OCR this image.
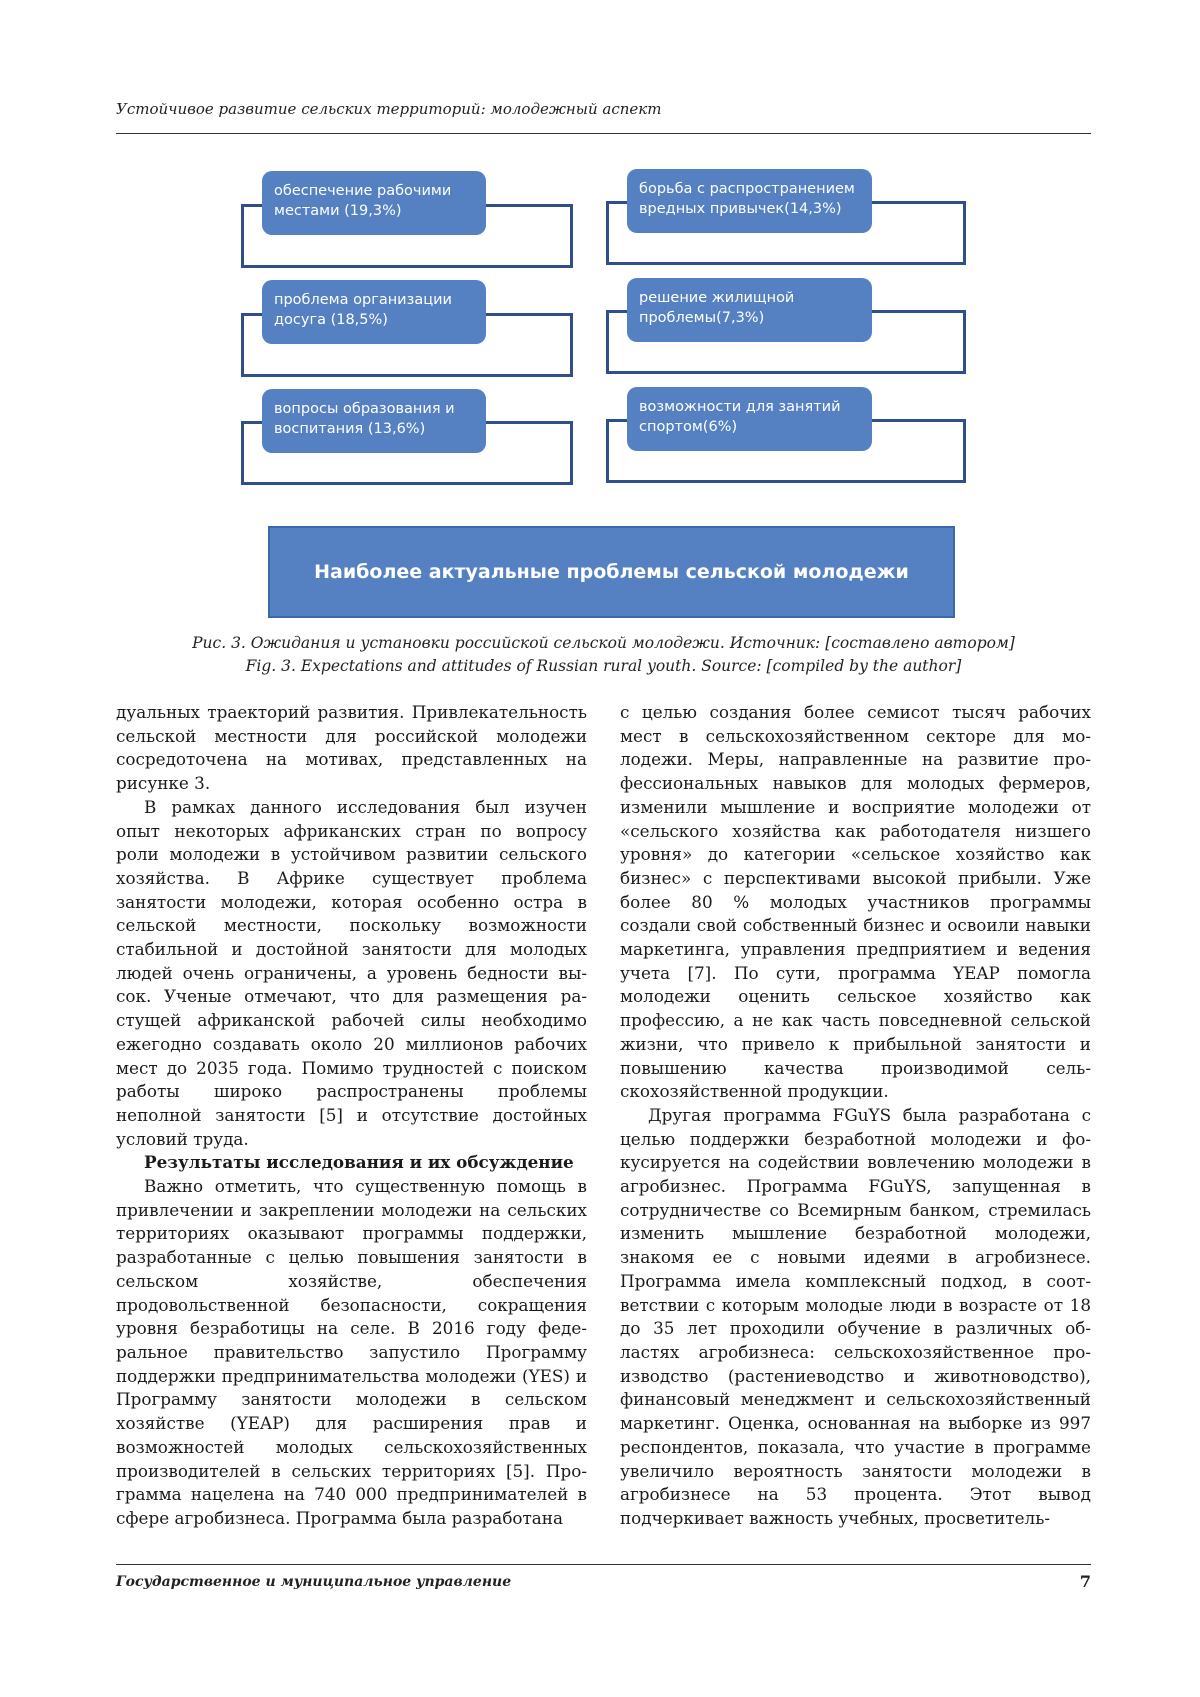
Устойчивое развитие сельских территорий: молодежный аспект
обеспечение рабочими
местами (19,3%)
проблема организации
досуга (18,5%)
вопросы образования и
воспитания (13,6%)
борьба с распространением
вредных привычек(14,3%)
решение жилищной
проблемы(7,3%)
возможности для занятий
спортом(6%)
Наиболее актуальные проблемы сельской молодежи
Рис. 3. Ожидания и установки российской сельской молодежи. Источник: [составлено автором]
Fig. 3. Expectations and attitudes of Russian rural youth. Source: [compiled by the author]

дуальных траекторий развития. Привлекательность сельской местности для российской молодежи сосредоточена на мотивах, представленных на рисунке 3.

В рамках данного исследования был изучен опыт некоторых африканских стран по вопросу роли молодежи в устойчивом развитии сельского хозяйства. В Африке существует проблема занятости молодежи, которая особенно остра в сельской местности, поскольку возможности стабильной и достойной занятости для молодых людей очень ограничены, а уровень бедности высок. Ученые отмечают, что для размещения растущей африканской рабочей силы необходимо ежегодно создавать около 20 миллионов рабочих мест до 2035 года. Помимо трудностей с поиском работы широко распространены проблемы неполной занятости [5] и отсутствие достойных условий труда.

Результаты исследования и их обсуждение

Важно отметить, что существенную помощь в привлечении и закреплении молодежи на сельских территориях оказывают программы поддержки, разработанные с целью повышения занятости в сельском хозяйстве, обеспечения продовольственной безопасности, сокращения уровня безработицы на селе. В 2016 году федеральное правительство запустило Программу поддержки предпринимательства молодежи (YES) и Программу занятости молодежи в сельском хозяйстве (YEAP) для расширения прав и возможностей молодых сельскохозяйственных производителей в сельских территориях [5]. Программа нацелена на 740 000 предпринимателей в сфере агробизнеса. Программа была разработана

с целью создания более семисот тысяч рабочих мест в сельскохозяйственном секторе для молодежи. Меры, направленные на развитие профессиональных навыков для молодых фермеров, изменили мышление и восприятие молодежи от «сельского хозяйства как работодателя низшего уровня» до категории «сельское хозяйство как бизнес» с перспективами высокой прибыли. Уже более 80 % молодых участников программы создали свой собственный бизнес и освоили навыки маркетинга, управления предприятием и ведения учета [7]. По сути, программа YEAP помогла молодежи оценить сельское хозяйство как профессию, а не как часть повседневной сельской жизни, что привело к прибыльной занятости и повышению качества производимой сельскохозяйственной продукции.

Другая программа FGuYS была разработана с целью поддержки безработной молодежи и фокусируется на содействии вовлечению молодежи в агробизнес. Программа FGuYS, запущенная в сотрудничестве со Всемирным банком, стремилась изменить мышление безработной молодежи, знакомя ее с новыми идеями в агробизнесе. Программа имела комплексный подход, в соответствии с которым молодые люди в возрасте от 18 до 35 лет проходили обучение в различных областях агробизнеса: сельскохозяйственное производство (растениеводство и животноводство), финансовый менеджмент и сельскохозяйственный маркетинг. Оценка, основанная на выборке из 997 респондентов, показала, что участие в программе увеличило вероятность занятости молодежи в агробизнесе на 53 процента. Этот вывод подчеркивает важность учебных, просветитель-

Государственное и муниципальное управление	7
